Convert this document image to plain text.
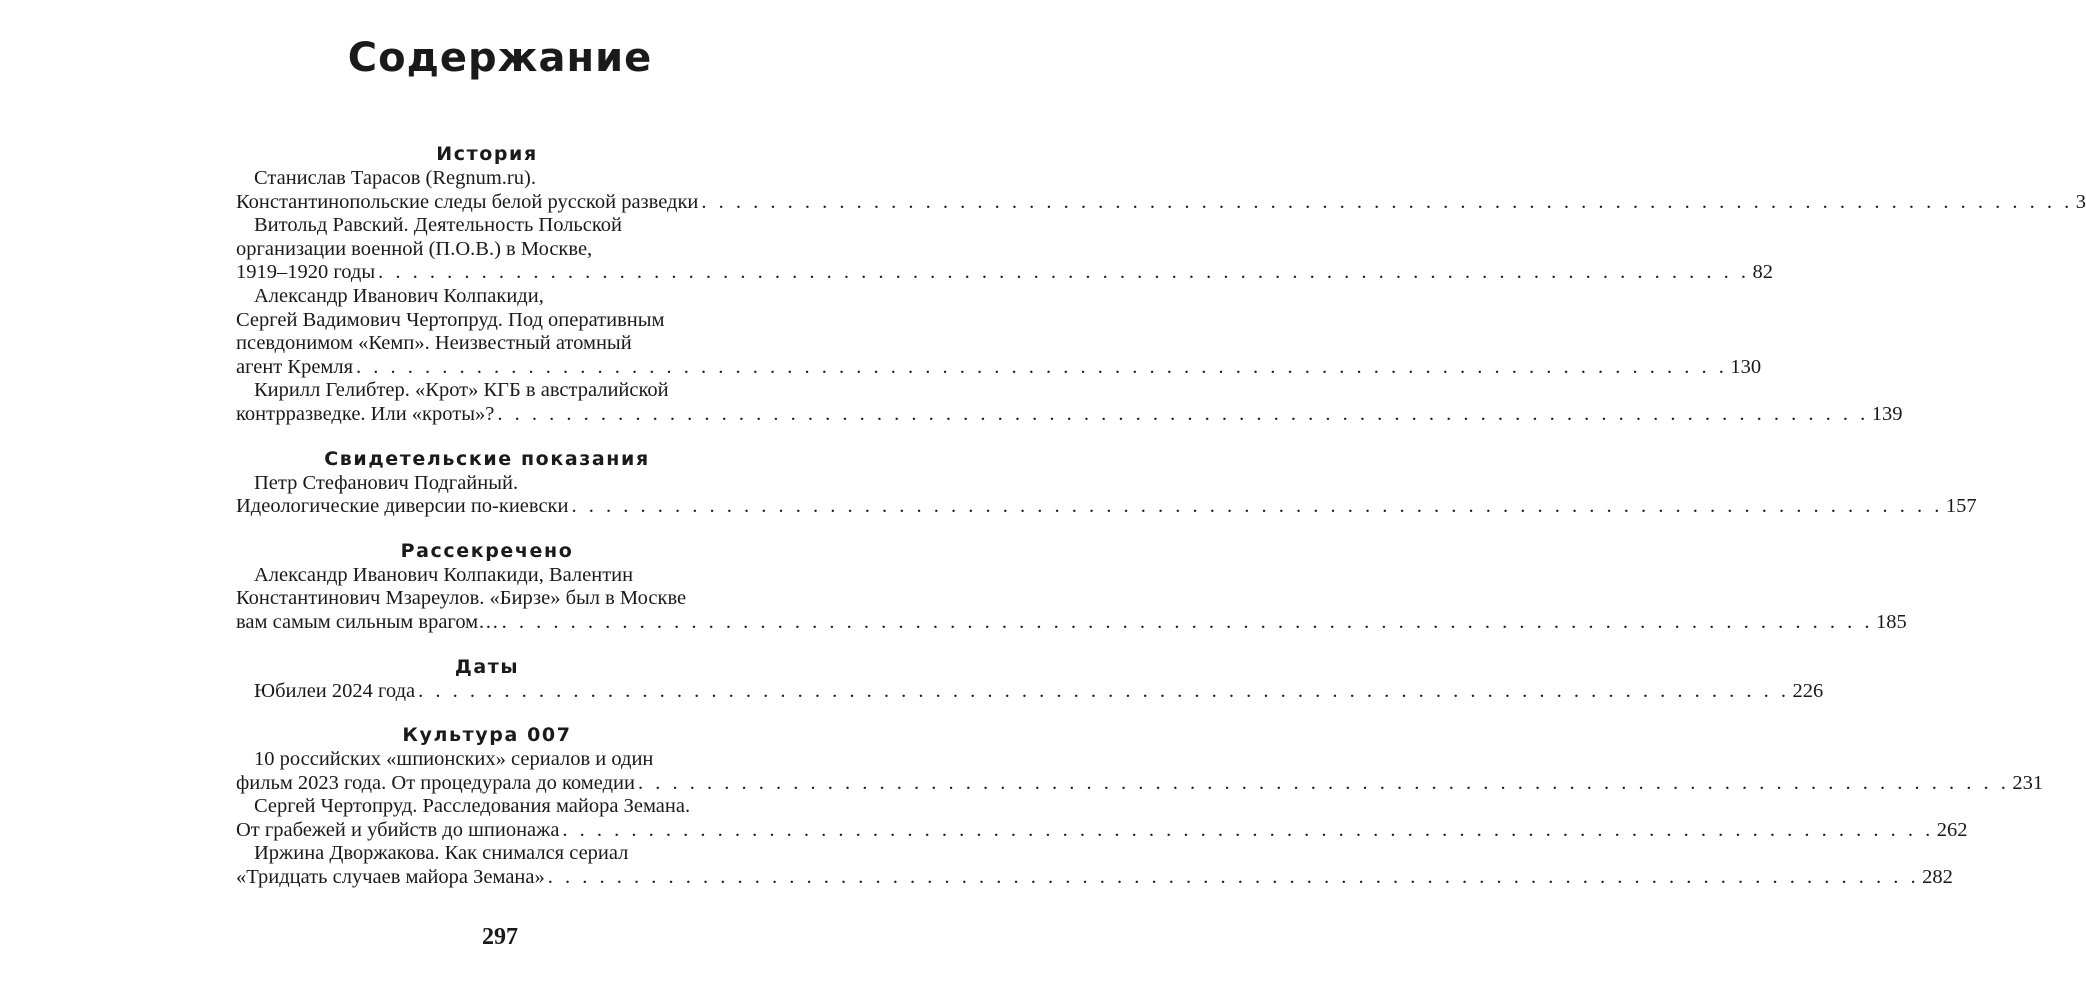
Содержание
История
Станислав Тарасов (Regnum.ru).
Константинопольские следы белой русской разведки . . . . . . . . . . . . . . . . . . . . . . . . . . . . . . . . . . . . . . . . . . . . . . . . . . . . . . . . . . . . . . . . . . . . . . . . . . . . . . . . 3
Витольд Равский. Деятельность Польской
организации военной (П.О.В.) в Москве,
1919–1920 годы . . . . . . . . . . . . . . . . . . . . . . . . . . . . . . . . . . . . . . . . . . . . . . . . . . . . . . . . . . . . . . . . . . . . . . . . . . . . . . . . 82
Александр Иванович Колпакиди,
Сергей Вадимович Чертопруд. Под оперативным
псевдонимом «Кемп». Неизвестный атомный
агент Кремля . . . . . . . . . . . . . . . . . . . . . . . . . . . . . . . . . . . . . . . . . . . . . . . . . . . . . . . . . . . . . . . . . . . . . . . . . . . . . . . . 130
Кирилл Гелибтер. «Крот» КГБ в австралийской
контрразведке. Или «кроты»? . . . . . . . . . . . . . . . . . . . . . . . . . . . . . . . . . . . . . . . . . . . . . . . . . . . . . . . . . . . . . . . . . . . . . . . . . . . . . . . . 139
Свидетельские показания
Петр Стефанович Подгайный.
Идеологические диверсии по-киевски . . . . . . . . . . . . . . . . . . . . . . . . . . . . . . . . . . . . . . . . . . . . . . . . . . . . . . . . . . . . . . . . . . . . . . . . . . . . . . . . 157
Рассекречено
Александр Иванович Колпакиди, Валентин
Константинович Мзареулов. «Бирзе» был в Москве
вам самым сильным врагом… . . . . . . . . . . . . . . . . . . . . . . . . . . . . . . . . . . . . . . . . . . . . . . . . . . . . . . . . . . . . . . . . . . . . . . . . . . . . . . . . 185
Даты
Юбилеи 2024 года . . . . . . . . . . . . . . . . . . . . . . . . . . . . . . . . . . . . . . . . . . . . . . . . . . . . . . . . . . . . . . . . . . . . . . . . . . . . . . . . 226
Культура 007
10 российских «шпионских» сериалов и один
фильм 2023 года. От процедурала до комедии . . . . . . . . . . . . . . . . . . . . . . . . . . . . . . . . . . . . . . . . . . . . . . . . . . . . . . . . . . . . . . . . . . . . . . . . . . . . . . . . 231
Сергей Чертопруд. Расследования майора Земана.
От грабежей и убийств до шпионажа . . . . . . . . . . . . . . . . . . . . . . . . . . . . . . . . . . . . . . . . . . . . . . . . . . . . . . . . . . . . . . . . . . . . . . . . . . . . . . . . 262
Иржина Дворжакова. Как снимался сериал
«Тридцать случаев майора Земана» . . . . . . . . . . . . . . . . . . . . . . . . . . . . . . . . . . . . . . . . . . . . . . . . . . . . . . . . . . . . . . . . . . . . . . . . . . . . . . . . 282
297
